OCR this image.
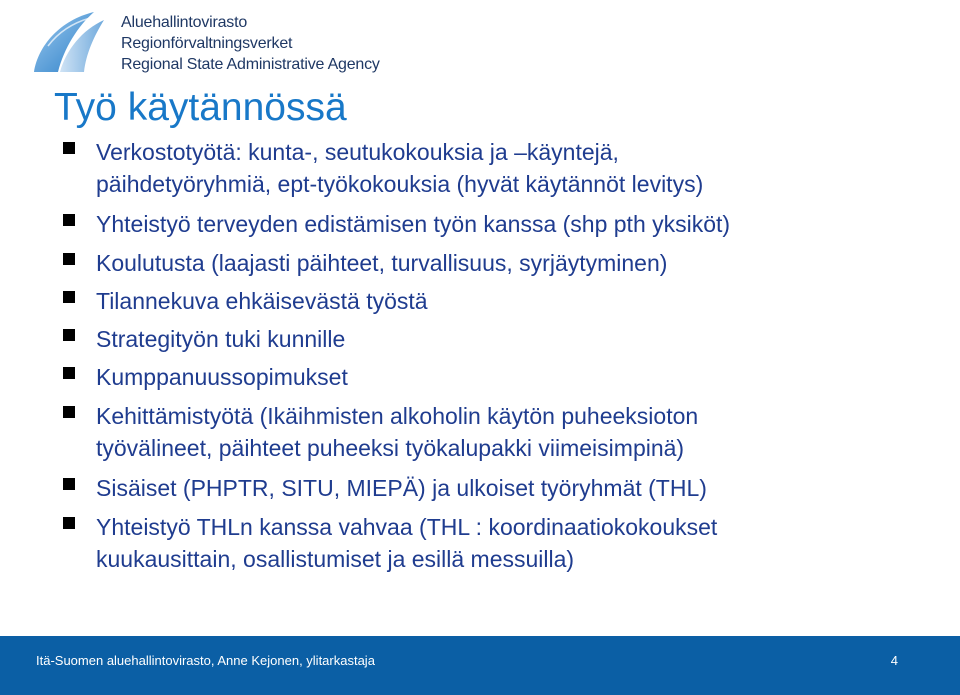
Aluehallintovirasto
Regionförvaltningsverket
Regional State Administrative Agency
Työ käytännössä
Verkostotyötä: kunta-, seutukokouksia ja –käyntejä,
päihdetyöryhmiä, ept-työkokouksia (hyvät käytännöt levitys)
Yhteistyö terveyden edistämisen työn kanssa (shp pth yksiköt)
Koulutusta (laajasti päihteet, turvallisuus, syrjäytyminen)
Tilannekuva ehkäisevästä työstä
Strategityön tuki kunnille
Kumppanuussopimukset
Kehittämistyötä (Ikäihmisten alkoholin käytön puheeksioton
työvälineet, päihteet puheeksi työkalupakki viimeisimpinä)
Sisäiset (PHPTR, SITU, MIEPÄ) ja ulkoiset työryhmät (THL)
Yhteistyö THLn kanssa vahvaa (THL : koordinaatiokokoukset
kuukausittain, osallistumiset ja esillä messuilla)
Itä-Suomen aluehallintovirasto, Anne Kejonen, ylitarkastaja	4
